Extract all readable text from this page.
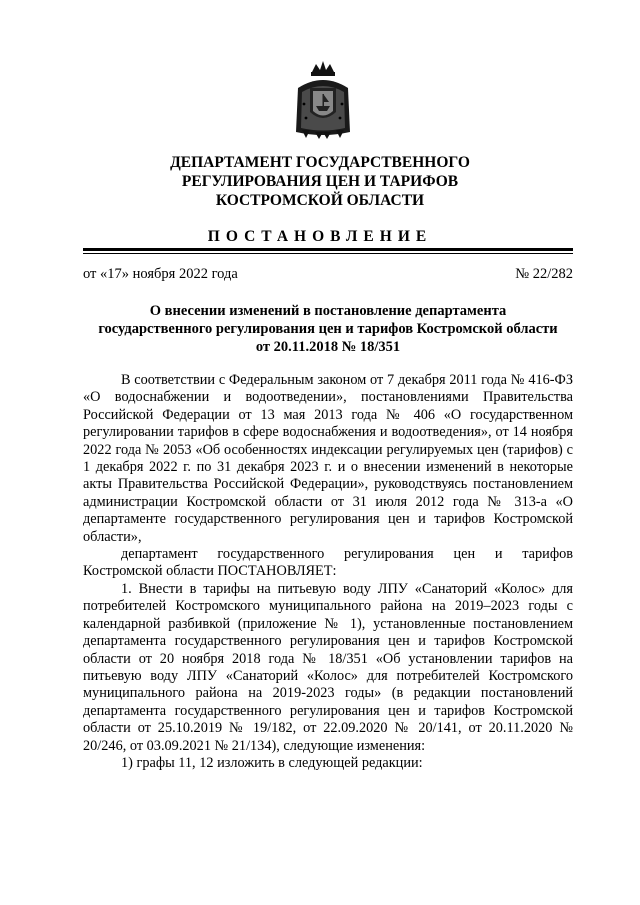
ДЕПАРТАМЕНТ ГОСУДАРСТВЕННОГО
РЕГУЛИРОВАНИЯ ЦЕН И ТАРИФОВ
КОСТРОМСКОЙ ОБЛАСТИ
ПОСТАНОВЛЕНИЕ
от «17» ноября 2022 года	№ 22/282
О внесении изменений в постановление департамента
государственного регулирования цен и тарифов Костромской области
от 20.11.2018 № 18/351

В соответствии с Федеральным законом от 7 декабря 2011 года № 416-ФЗ «О водоснабжении и водоотведении», постановлениями Правительства Российской Федерации от 13 мая 2013 года № 406 «О государственном регулировании тарифов в сфере водоснабжения и водоотведения», от 14 ноября 2022 года № 2053 «Об особенностях индексации регулируемых цен (тарифов) с 1 декабря 2022 г. по 31 декабря 2023 г. и о внесении изменений в некоторые акты Правительства Российской Федерации», руководствуясь постановлением администрации Костромской области от 31 июля 2012 года № 313-а «О департаменте государственного регулирования цен и тарифов Костромской области»,

департамент государственного регулирования цен и тарифов Костромской области ПОСТАНОВЛЯЕТ:

1. Внести в тарифы на питьевую воду ЛПУ «Санаторий «Колос» для потребителей Костромского муниципального района на 2019–2023 годы с календарной разбивкой (приложение № 1), установленные постановлением департамента государственного регулирования цен и тарифов Костромской области от 20 ноября 2018 года № 18/351 «Об установлении тарифов на питьевую воду ЛПУ «Санаторий «Колос» для потребителей Костромского муниципального района на 2019-2023 годы» (в редакции постановлений департамента государственного регулирования цен и тарифов Костромской области от 25.10.2019 № 19/182, от 22.09.2020 № 20/141, от 20.11.2020 № 20/246, от 03.09.2021 № 21/134), следующие изменения:

1) графы 11, 12 изложить в следующей редакции:
